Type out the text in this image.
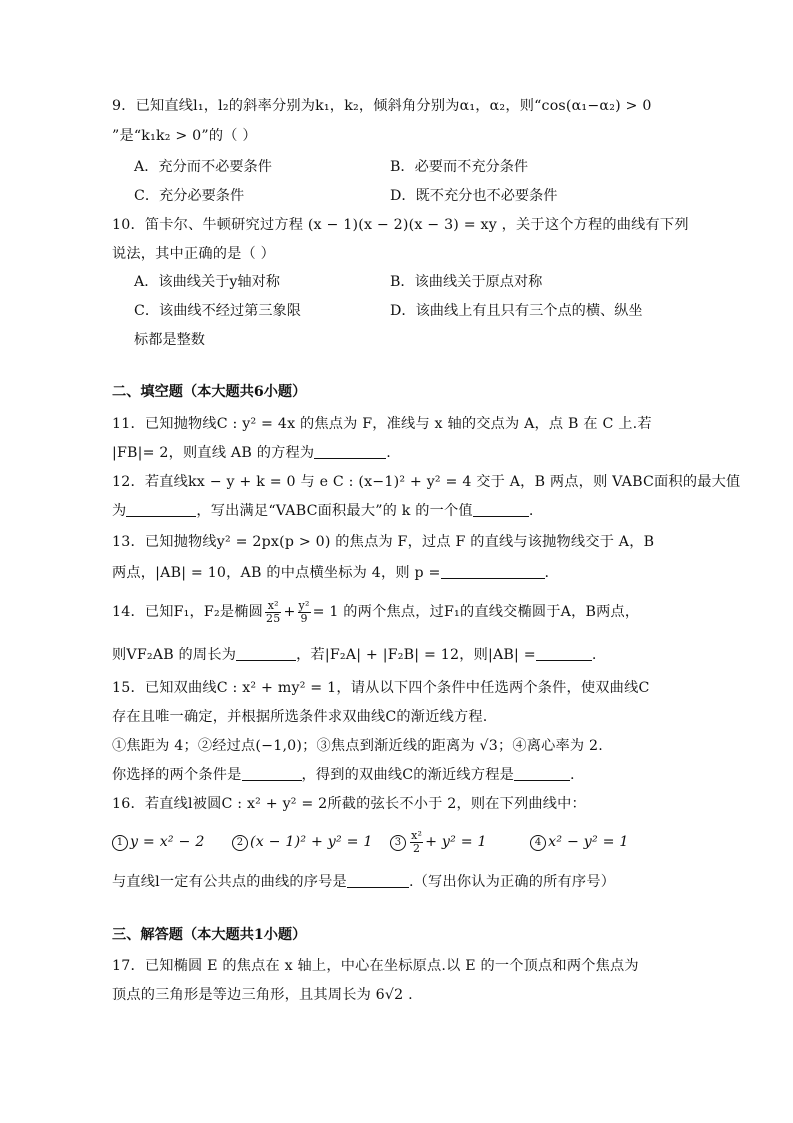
9．已知直线l₁，l₂的斜率分别为k₁，k₂，倾斜角分别为α₁，α₂，则“cos(α₁−α₂) > 0
”是“k₁k₂ > 0”的（ ）
A．充分而不必要条件	B．必要而不充分条件
C．充分必要条件	D．既不充分也不必要条件
10．笛卡尔、牛顿研究过方程 (x − 1)(x − 2)(x − 3) = xy ，关于这个方程的曲线有下列
说法，其中正确的是（ ）
A．该曲线关于y轴对称	B．该曲线关于原点对称
C．该曲线不经过第三象限	D．该曲线上有且只有三个点的横、纵坐
标都是整数
二、填空题（本大题共6小题）
11．已知抛物线C : y² = 4x 的焦点为 F，准线与 x 轴的交点为 A，点 B 在 C 上.若
|FB|= 2，则直线 AB 的方程为	.
12．若直线kx − y + k = 0 与 e C : (x−1)² + y² = 4 交于 A，B 两点，则 VABC面积的最大值
为	，写出满足“VABC面积最大”的 k 的一个值	.
13．已知抛物线y² = 2px(p > 0) 的焦点为 F，过点 F 的直线与该抛物线交于 A，B
两点，|AB| = 10，AB 的中点横坐标为 4，则 p =	.
14．已知F₁，F₂是椭圆 $\frac{\text{x²}}{25} + \frac{\text{y²}}{9} = 1$ 的两个焦点，过F₁的直线交椭圆于A，B两点，
则VF₂AB 的周长为	，若|F₂A| + |F₂B| = 12，则|AB| =	.
15．已知双曲线C : x² + my² = 1，请从以下四个条件中任选两个条件，使双曲线C
存在且唯一确定，并根据所选条件求双曲线C的渐近线方程.
①焦距为 4；②经过点(−1,0)；③焦点到渐近线的距离为 √3；④离心率为 2.
你选择的两个条件是	，得到的双曲线C的渐近线方程是	.
16．若直线l被圆C : x² + y² = 2所截的弦长不小于 2，则在下列曲线中：
1 y = x² − 2	2 (x − 1)² + y² = 1 $3 \frac{\text{x²}}{2} + y^2 = 1$	4 x² − y² = 1
与直线l一定有公共点的曲线的序号是	.（写出你认为正确的所有序号）
三、解答题（本大题共1小题）
17．已知椭圆 E 的焦点在 x 轴上，中心在坐标原点.以 E 的一个顶点和两个焦点为
顶点的三角形是等边三角形，且其周长为 6√2 .
